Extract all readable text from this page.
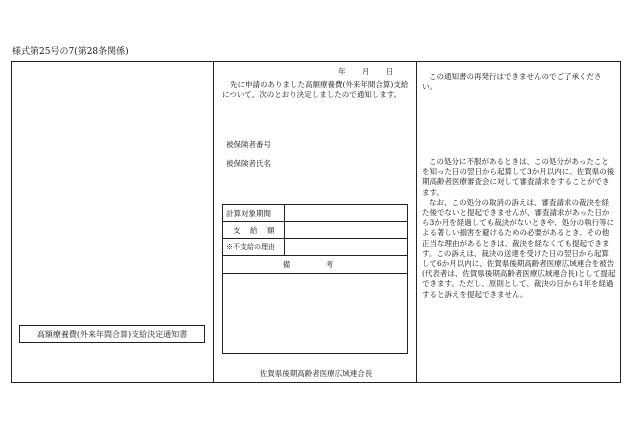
様式第25号の7(第28条関係)
高額療養費(外来年間合算)支給決定通知書
年 月 日
先に申請のありました高額療養費(外来年間合算)支給について、次のとおり決定しましたので通知します。
被保険者番号
被保険者氏名
計算対象期間
支　給　額
※不支給の理由
備　考
佐賀県後期高齢者医療広域連合長

この通知書の再発行はできませんのでご了承ください。

この処分に不服があるときは、この処分があったことを知った日の翌日から起算して3か月以内に、佐賀県の後期高齢者医療審査会に対して審査請求をすることができます。

なお、この処分の取消の訴えは、審査請求の裁決を経た後でないと提起できませんが、審査請求があった日から3か月を経過しても裁決がないときや、処分の執行等による著しい損害を避けるための必要があるとき、その他正当な理由があるときは、裁決を経なくても提起できます。この訴えは、裁決の送達を受けた日の翌日から起算して6か月以内に、佐賀県後期高齢者医療広域連合を被告(代表者は、佐賀県後期高齢者医療広域連合長)として提起できます。ただし、原則として、裁決の日から1年を経過すると訴えを提起できません。
